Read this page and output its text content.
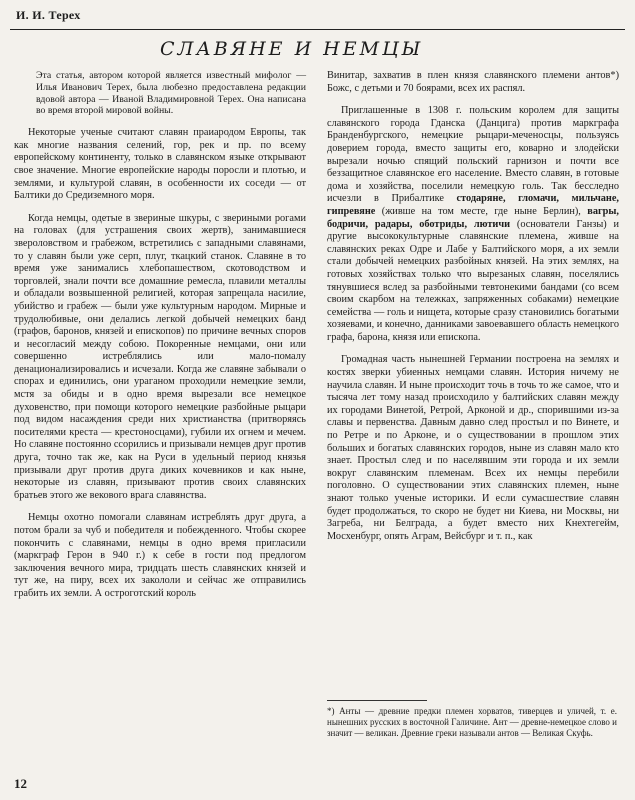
И. И. Терех
СЛАВЯНЕ И НЕМЦЫ

Эта статья, автором которой является известный мифолог — Илья Иванович Терех, была любезно предоставлена редакции вдовой автора — Иваной Владимировной Терех. Она написана во время второй мировой войны.

Некоторые ученые считают славян праиародом Европы, так как многие названия селений, гор, рек и пр. по всему европейскому континенту, только в славянском языке открывают свое значение. Многие европейские народы поросли и плотью, и землями, и культурой славян, в особенности их соседи — от Балтики до Средиземного моря.

Когда немцы, одетые в звериные шкуры, с звериными рогами на головах (для устрашения своих жертв), занимавшиеся звероловством и грабежом, встретились с западными славянами, то у славян были уже серп, плуг, ткацкий станок. Славяне в то время уже занимались хлебопашеством, скотоводством и торговлей, знали почти все домашние ремесла, плавили металлы и обладали возвышенной религией, которая запрещала насилие, убийство и грабеж — были уже культурным народом. Мирные и трудолюбивые, они делались легкой добычей немецких банд (графов, баронов, князей и епископов) по причине вечных споров и несогласий между собою. Покоренные немцами, они или совершенно истреблялись или мало-помалу денационализировались и исчезали. Когда же славяне забывали о спорах и единились, они ураганом проходили немецкие земли, мстя за обиды и в одно время вырезали все немецкое духовенство, при помощи которого немецкие разбойные рыцари под видом насаждения среди них христианства (притворяясь посителями креста — крестоносцами), губили их огнем и мечем. Но славяне постоянно ссорились и призывали немцев друг против друга, точно так же, как на Руси в удельный период князья призывали друг против друга диких кочевников и как ныне, некоторые из славян, призывают против своих славянских братьев этого же векового врага славянства.

Немцы охотно помогали славянам истреблять друг друга, а потом брали за чуб и победителя и побежденного. Чтобы скорее покончить с славянами, немцы в одно время пригласили (маркграф Герон в 940 г.) к себе в гости под предлогом заключения вечного мира, тридцать шесть славянских князей и тут же, на пиру, всех их закололи и сейчас же отправились грабить их земли. А остроготский король

Винитар, захватив в плен князя славянского племени антов*) Божс, с детьми и 70 боярами, всех их распял.

Приглашенные в 1308 г. польским королем для защиты славянского города Гданска (Данцига) против маркграфа Бранденбургского, немецкие рыцари-меченосцы, пользуясь доверием города, вместо защиты его, коварно и злодейски вырезали ночью спящий польский гарнизон и почти все беззащитное славянское его население. Вместо славян, в готовые дома и хозяйства, поселили немецкую голь. Так бесследно исчезли в Прибалтике стодаряне, гломачи, мильчане, гипревяне (живше на том месте, где ныне Берлин), вагры, бодричи, радары, оботриды, лютичи (основатели Ганзы) и другие высококультурные славянские племена, живше на славянских реках Одре и Лабе у Балтийского моря, а их земли стали добычей немецких разбойных князей. На этих землях, на готовых хозяйствах только что вырезаных славян, поселялись тянувшиеся вслед за разбойными тевтонекими бандами (со всем своим скарбом на тележках, запряженных собаками) немецкие семейства — голь и нищета, которые сразу становились богатыми хозяевами, и конечно, данниками завоевавшего область немецкого графа, барона, князя или епископа.

Громадная часть нынешней Германии построена на землях и костях зверки убиенных немцами славян. История ничему не научила славян. И ныне происходит точь в точь то же самое, что и тысяча лет тому назад происходило у балтийских славян между их городами Винетой, Ретрой, Арконой и др., спорившими из-за славы и первенства. Давным давно след простыл и по Винете, и по Ретре и по Арконе, и о существовании в прошлом этих больших и богатых славянских городов, ныне из славян мало кто знает. Простыл след и по населявшим эти города и их земли вокруг славянским племенам. Всех их немцы перебили поголовно. О существовании этих славянских племен, ныне знают только ученые историки. И если сумасшествие славян будет продолжаться, то скоро не будет ни Киева, ни Москвы, ни Загреба, ни Белграда, а будет вместо них Кнехтегейм, Мосхенбург, опять Аграм, Вейсбург и т. п., как

*) Анты — древние предки племен хорватов, тиверцев и уличей, т. е. нынешних русских в восточной Галичине. Ант — древне-немецкое слово и значит — великан. Древние греки называли антов — Великая Скуфь.
12
